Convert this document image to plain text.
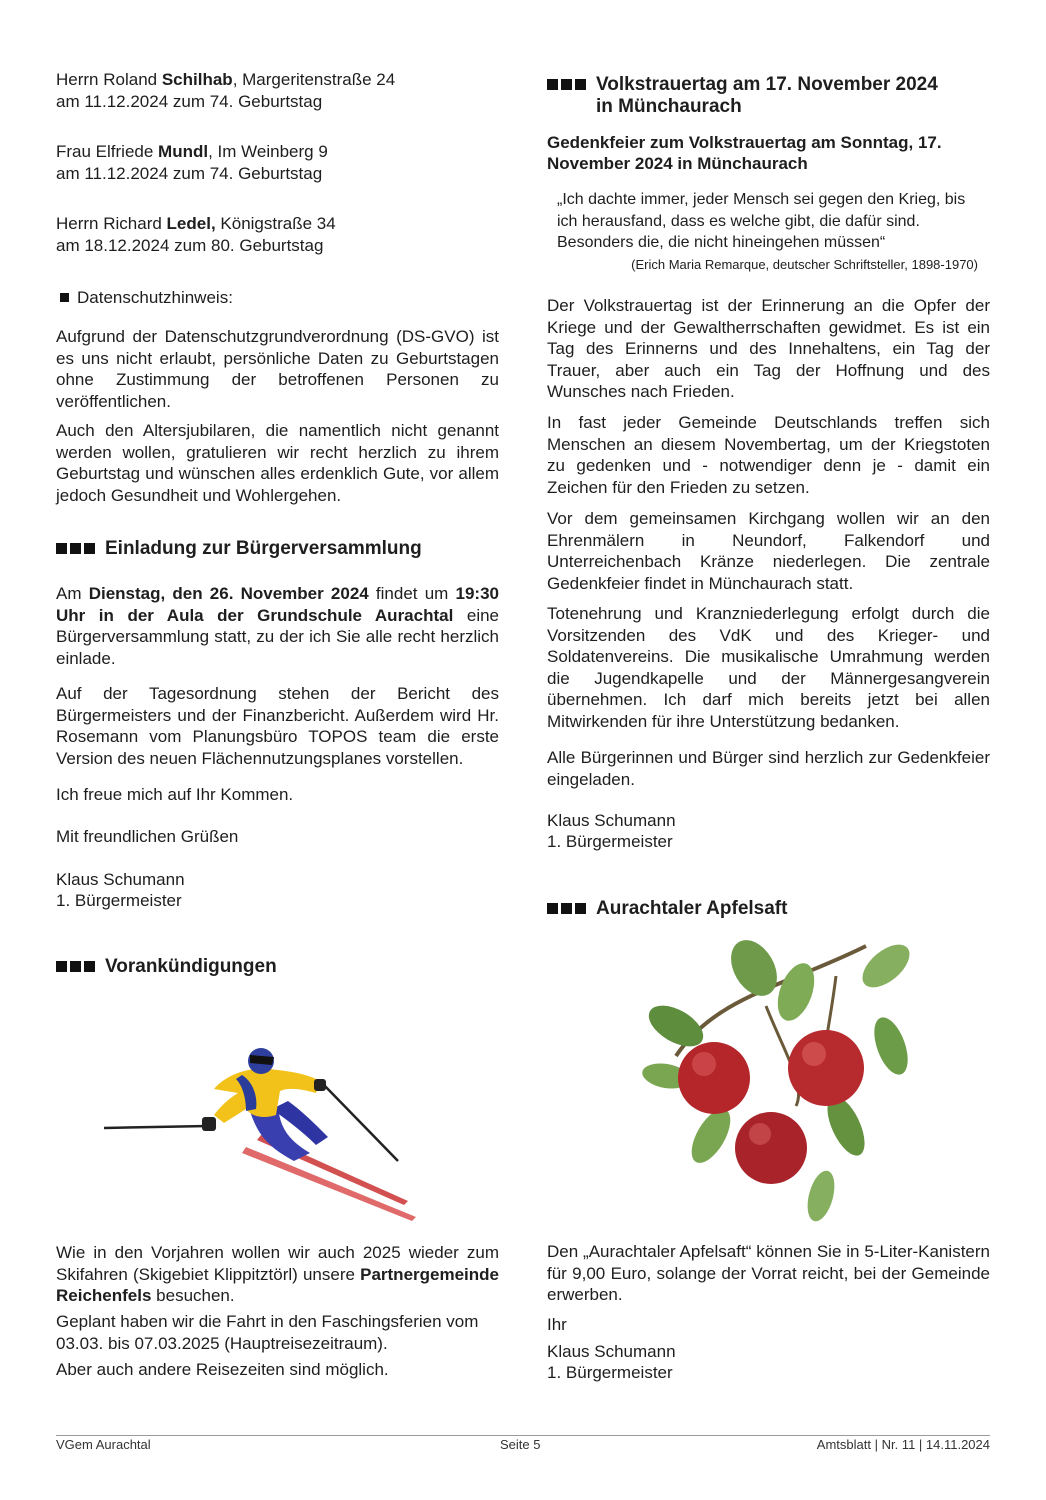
Herrn Roland Schilhab, Margeritenstraße 24
am 11.12.2024 zum 74. Geburtstag
Frau Elfriede Mundl, Im Weinberg 9
am 11.12.2024 zum 74. Geburtstag
Herrn Richard Ledel, Königstraße 34
am 18.12.2024 zum 80. Geburtstag
Datenschutzhinweis:
Aufgrund der Datenschutzgrundverordnung (DS-GVO) ist es uns nicht erlaubt, persönliche Daten zu Geburtstagen ohne Zustimmung der betroffenen Personen zu veröffentlichen.
Auch den Altersjubilaren, die namentlich nicht genannt werden wollen, gratulieren wir recht herzlich zu ihrem Geburtstag und wünschen alles erdenklich Gute, vor allem jedoch Gesundheit und Wohlergehen.
Einladung zur Bürgerversammlung
Am Dienstag, den 26. November 2024 findet um 19:30 Uhr in der Aula der Grundschule Aurachtal eine Bürgerversammlung statt, zu der ich Sie alle recht herzlich einlade.
Auf der Tagesordnung stehen der Bericht des Bürgermeisters und der Finanzbericht. Außerdem wird Hr. Rosemann vom Planungsbüro TOPOS team die erste Version des neuen Flächennutzungsplanes vorstellen.
Ich freue mich auf Ihr Kommen.
Mit freundlichen Grüßen
Klaus Schumann
1. Bürgermeister
Vorankündigungen
Wie in den Vorjahren wollen wir auch 2025 wieder zum Skifahren (Skigebiet Klippitztörl) unsere Partnergemeinde Reichenfels besuchen.
Geplant haben wir die Fahrt in den Faschingsferien vom 03.03. bis 07.03.2025 (Hauptreisezeitraum).
Aber auch andere Reisezeiten sind möglich.
Volkstrauertag am 17. November 2024
in Münchaurach
Gedenkfeier zum Volkstrauertag am Sonntag, 17. November 2024 in Münchaurach
„Ich dachte immer, jeder Mensch sei gegen den Krieg, bis ich herausfand, dass es welche gibt, die dafür sind. Besonders die, die nicht hineingehen müssen“
(Erich Maria Remarque, deutscher Schriftsteller, 1898-1970)
Der Volkstrauertag ist der Erinnerung an die Opfer der Kriege und der Gewaltherrschaften gewidmet. Es ist ein Tag des Erinnerns und des Innehaltens, ein Tag der Trauer, aber auch ein Tag der Hoffnung und des Wunsches nach Frieden.
In fast jeder Gemeinde Deutschlands treffen sich Menschen an diesem Novembertag, um der Kriegstoten zu gedenken und - notwendiger denn je - damit ein Zeichen für den Frieden zu setzen.
Vor dem gemeinsamen Kirchgang wollen wir an den Ehrenmälern in Neundorf, Falkendorf und Unterreichenbach Kränze niederlegen. Die zentrale Gedenkfeier findet in Münchaurach statt.
Totenehrung und Kranzniederlegung erfolgt durch die Vorsitzenden des VdK und des Krieger- und Soldatenvereins. Die musikalische Umrahmung werden die Jugendkapelle und der Männergesangverein übernehmen. Ich darf mich bereits jetzt bei allen Mitwirkenden für ihre Unterstützung bedanken.
Alle Bürgerinnen und Bürger sind herzlich zur Gedenkfeier eingeladen.
Klaus Schumann
1. Bürgermeister
Aurachtaler Apfelsaft
Den „Aurachtaler Apfelsaft“ können Sie in 5-Liter-Kanistern für 9,00 Euro, solange der Vorrat reicht, bei der Gemeinde erwerben.
Ihr
Klaus Schumann
1. Bürgermeister
VGem Aurachtal	Seite 5	Amtsblatt | Nr. 11 | 14.11.2024
